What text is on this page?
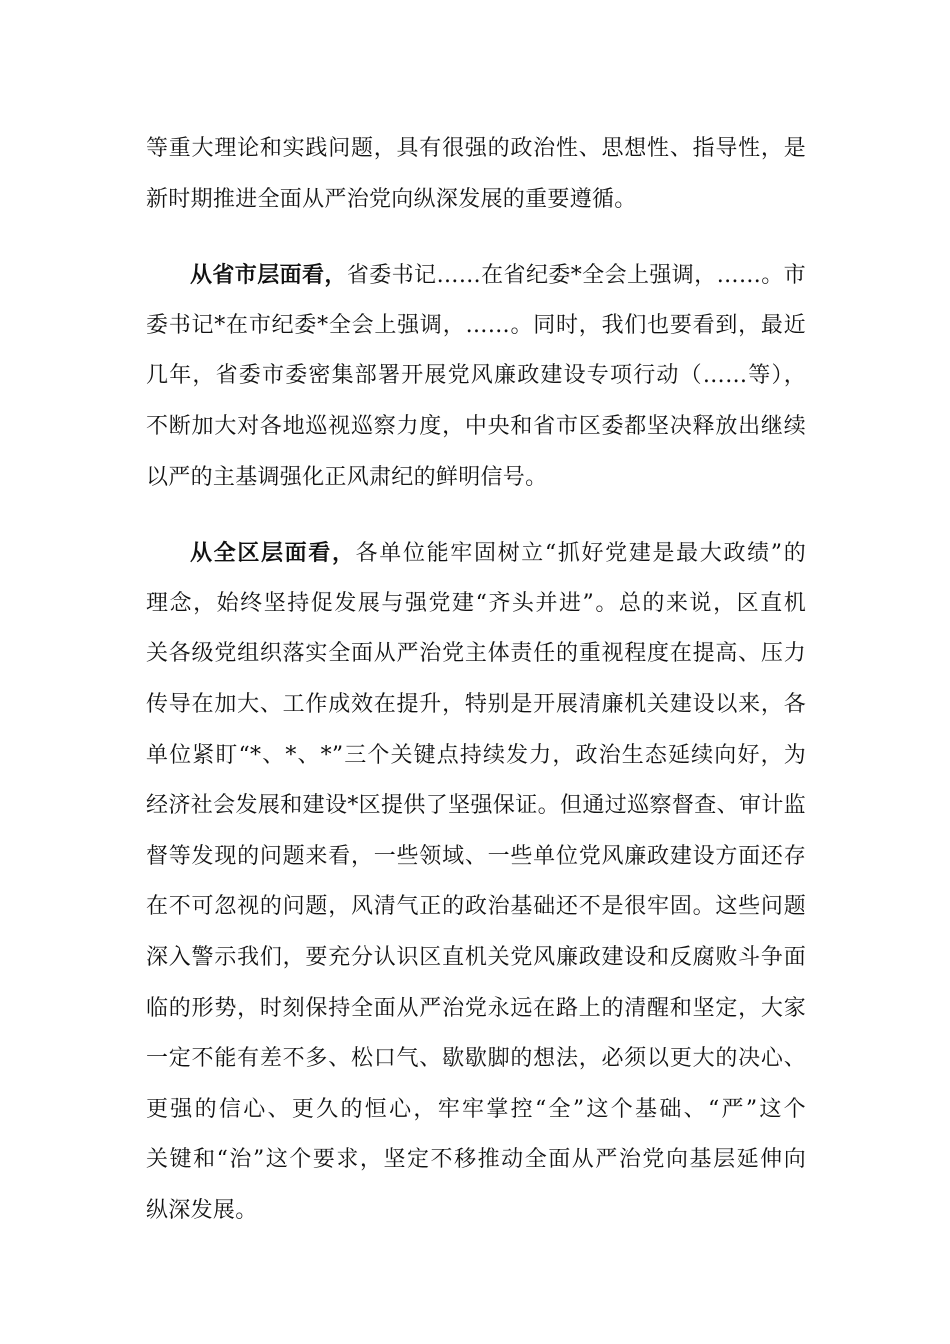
等重大理论和实践问题，具有很强的政治性、思想性、指导性，是
新时期推进全面从严治党向纵深发展的重要遵循。
从省市层面看，省委书记……在省纪委*全会上强调，……。市
委书记*在市纪委*全会上强调，……。同时，我们也要看到，最近
几年，省委市委密集部署开展党风廉政建设专项行动（……等），
不断加大对各地巡视巡察力度，中央和省市区委都坚决释放出继续
以严的主基调强化正风肃纪的鲜明信号。
从全区层面看，各单位能牢固树立“抓好党建是最大政绩”的
理念，始终坚持促发展与强党建“齐头并进”。总的来说，区直机
关各级党组织落实全面从严治党主体责任的重视程度在提高、压力
传导在加大、工作成效在提升，特别是开展清廉机关建设以来，各
单位紧盯“*、*、*”三个关键点持续发力，政治生态延续向好，为
经济社会发展和建设*区提供了坚强保证。但通过巡察督查、审计监
督等发现的问题来看，一些领域、一些单位党风廉政建设方面还存
在不可忽视的问题，风清气正的政治基础还不是很牢固。这些问题
深入警示我们，要充分认识区直机关党风廉政建设和反腐败斗争面
临的形势，时刻保持全面从严治党永远在路上的清醒和坚定，大家
一定不能有差不多、松口气、歇歇脚的想法，必须以更大的决心、
更强的信心、更久的恒心，牢牢掌控“全”这个基础、“严”这个
关键和“治”这个要求，坚定不移推动全面从严治党向基层延伸向
纵深发展。
